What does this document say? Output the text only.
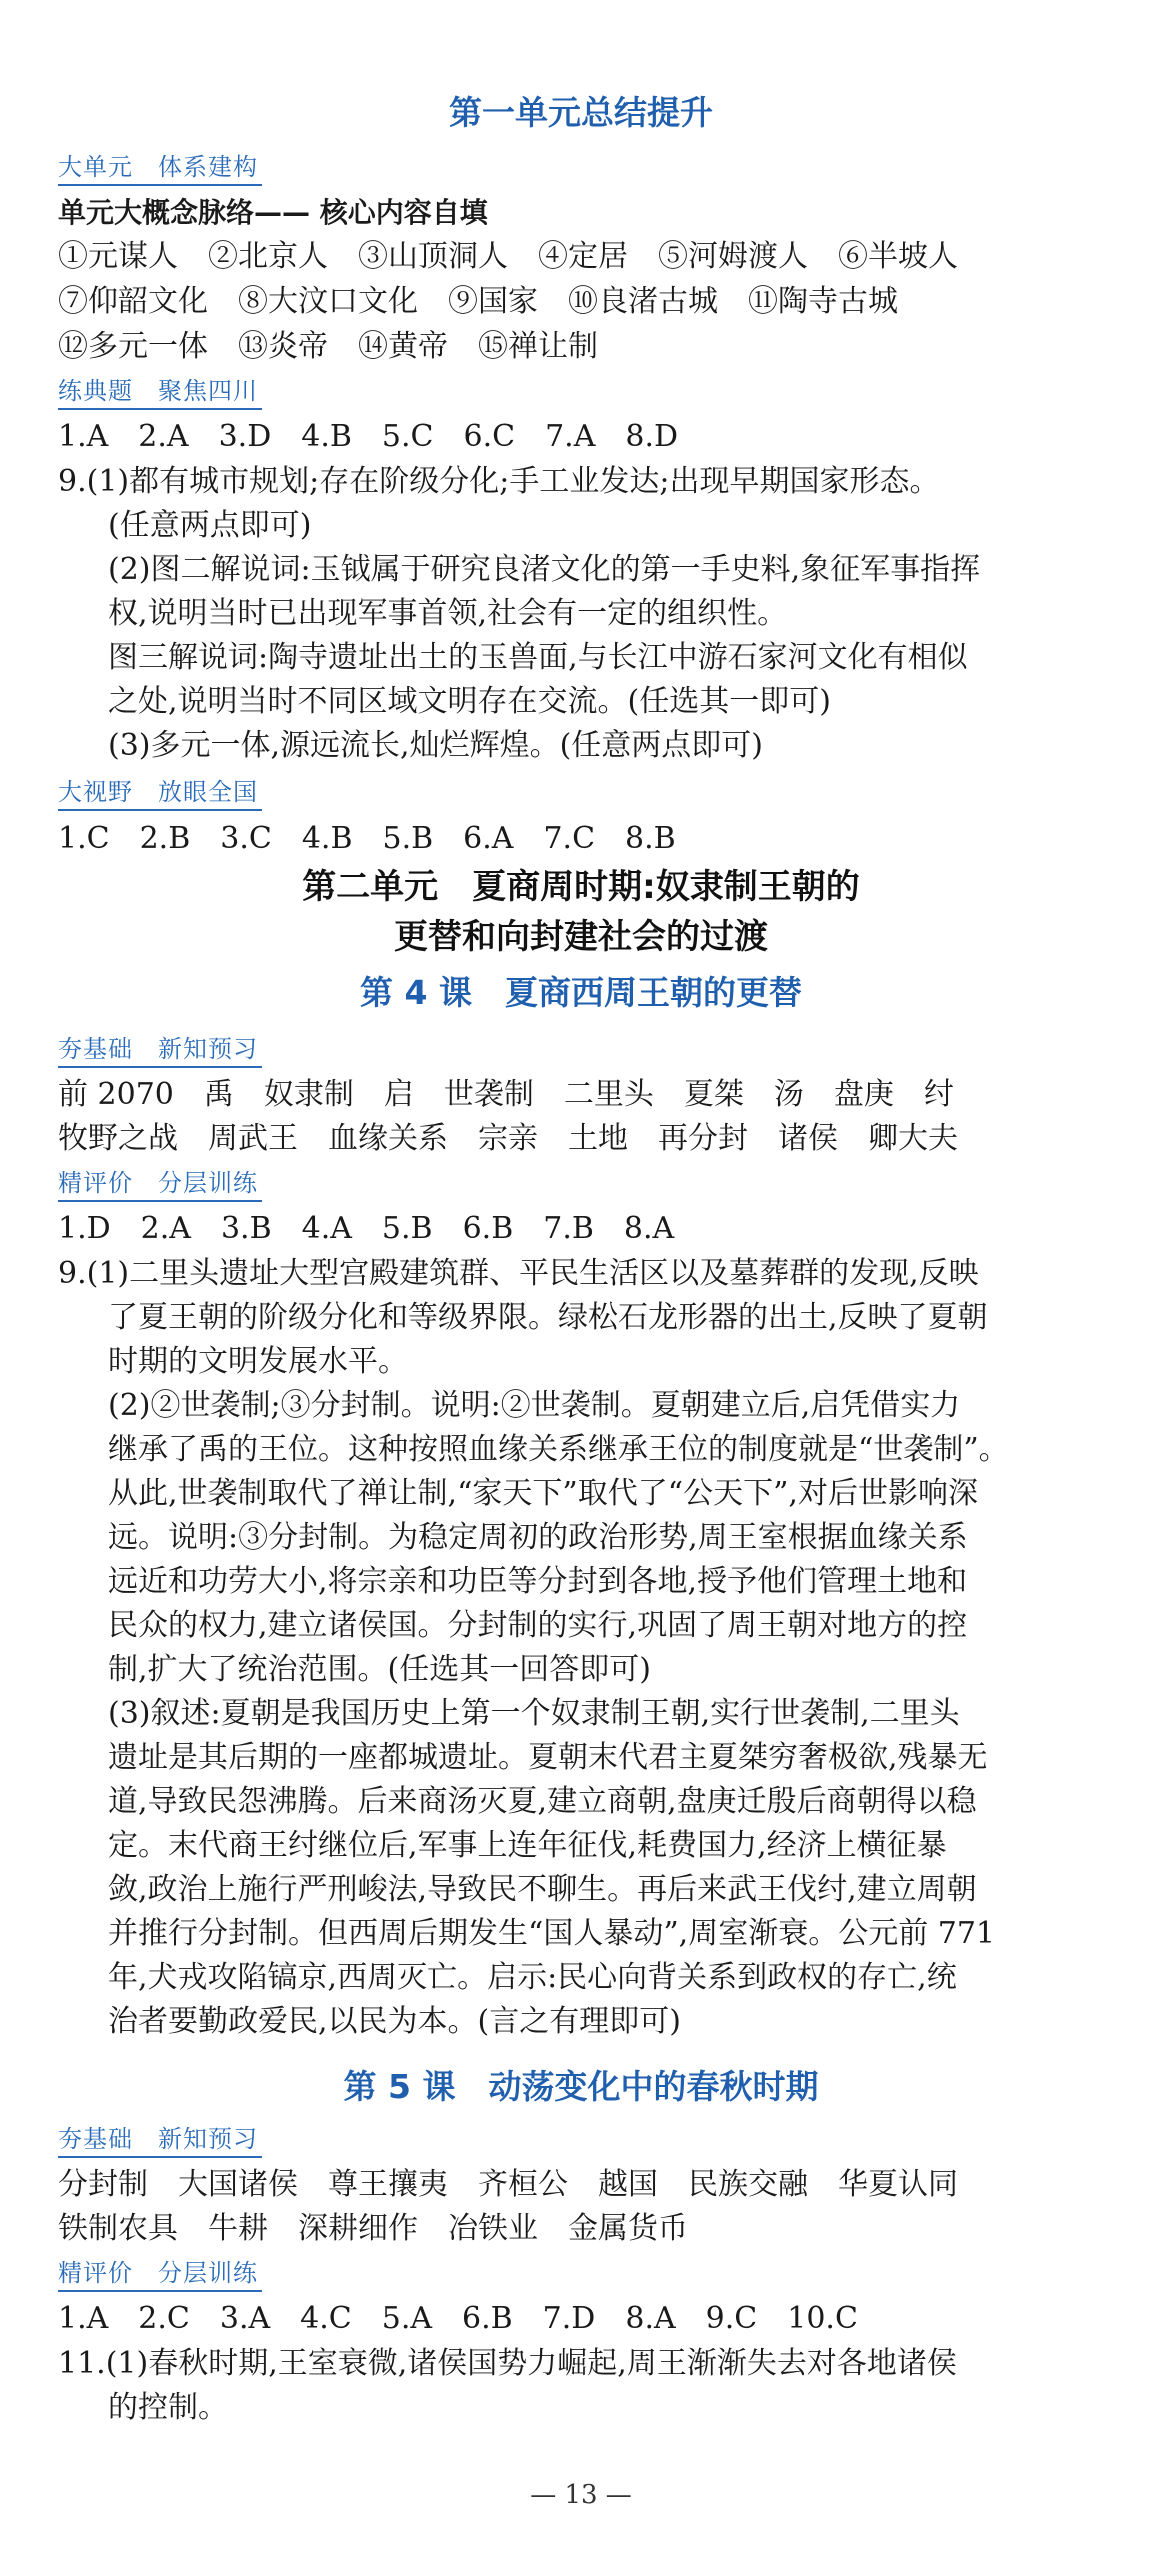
第一单元总结提升
大单元　体系建构
单元大概念脉络—— 核心内容自填
①元谋人　②北京人　③山顶洞人　④定居　⑤河姆渡人　⑥半坡人
⑦仰韶文化　⑧大汶口文化　⑨国家　⑩良渚古城　⑪陶寺古城
⑫多元一体　⑬炎帝　⑭黄帝　⑮禅让制
练典题　聚焦四川
1.A　2.A　3.D　4.B　5.C　6.C　7.A　8.D
9.(1)都有城市规划;存在阶级分化;手工业发达;出现早期国家形态。
(任意两点即可)
(2)图二解说词:玉钺属于研究良渚文化的第一手史料,象征军事指挥
权,说明当时已出现军事首领,社会有一定的组织性。
图三解说词:陶寺遗址出土的玉兽面,与长江中游石家河文化有相似
之处,说明当时不同区域文明存在交流。(任选其一即可)
(3)多元一体,源远流长,灿烂辉煌。(任意两点即可)
大视野　放眼全国
1.C　2.B　3.C　4.B　5.B　6.A　7.C　8.B
第二单元　夏商周时期:奴隶制王朝的
更替和向封建社会的过渡
第 4 课　夏商西周王朝的更替
夯基础　新知预习
前 2070　禹　奴隶制　启　世袭制　二里头　夏桀　汤　盘庚　纣
牧野之战　周武王　血缘关系　宗亲　土地　再分封　诸侯　卿大夫
精评价　分层训练
1.D　2.A　3.B　4.A　5.B　6.B　7.B　8.A
9.(1)二里头遗址大型宫殿建筑群、平民生活区以及墓葬群的发现,反映
了夏王朝的阶级分化和等级界限。绿松石龙形器的出土,反映了夏朝
时期的文明发展水平。
(2)②世袭制;③分封制。说明:②世袭制。夏朝建立后,启凭借实力
继承了禹的王位。这种按照血缘关系继承王位的制度就是“世袭制”。
从此,世袭制取代了禅让制,“家天下”取代了“公天下”,对后世影响深
远。说明:③分封制。为稳定周初的政治形势,周王室根据血缘关系
远近和功劳大小,将宗亲和功臣等分封到各地,授予他们管理土地和
民众的权力,建立诸侯国。分封制的实行,巩固了周王朝对地方的控
制,扩大了统治范围。(任选其一回答即可)
(3)叙述:夏朝是我国历史上第一个奴隶制王朝,实行世袭制,二里头
遗址是其后期的一座都城遗址。夏朝末代君主夏桀穷奢极欲,残暴无
道,导致民怨沸腾。后来商汤灭夏,建立商朝,盘庚迁殷后商朝得以稳
定。末代商王纣继位后,军事上连年征伐,耗费国力,经济上横征暴
敛,政治上施行严刑峻法,导致民不聊生。再后来武王伐纣,建立周朝
并推行分封制。但西周后期发生“国人暴动”,周室渐衰。公元前 771
年,犬戎攻陷镐京,西周灭亡。启示:民心向背关系到政权的存亡,统
治者要勤政爱民,以民为本。(言之有理即可)
第 5 课　动荡变化中的春秋时期
夯基础　新知预习
分封制　大国诸侯　尊王攘夷　齐桓公　越国　民族交融　华夏认同
铁制农具　牛耕　深耕细作　冶铁业　金属货币
精评价　分层训练
1.A　2.C　3.A　4.C　5.A　6.B　7.D　8.A　9.C　10.C
11.(1)春秋时期,王室衰微,诸侯国势力崛起,周王渐渐失去对各地诸侯
的控制。
— 13 —
